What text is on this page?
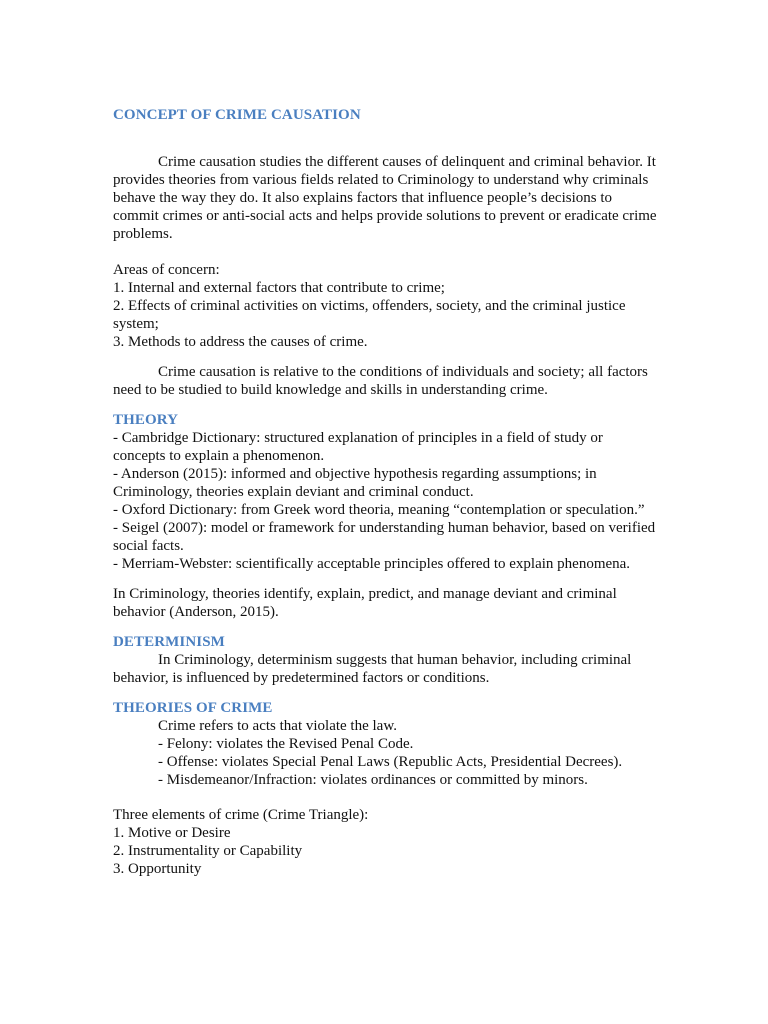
CONCEPT OF CRIME CAUSATION

Crime causation studies the different causes of delinquent and criminal behavior. It provides theories from various fields related to Criminology to understand why criminals behave the way they do. It also explains factors that influence people’s decisions to commit crimes or anti-social acts and helps provide solutions to prevent or eradicate crime problems.

Areas of concern:
1. Internal and external factors that contribute to crime;
2. Effects of criminal activities on victims, offenders, society, and the criminal justice system;
3. Methods to address the causes of crime.

Crime causation is relative to the conditions of individuals and society; all factors need to be studied to build knowledge and skills in understanding crime.

THEORY
- Cambridge Dictionary: structured explanation of principles in a field of study or concepts to explain a phenomenon.
- Anderson (2015): informed and objective hypothesis regarding assumptions; in Criminology, theories explain deviant and criminal conduct.
- Oxford Dictionary: from Greek word theoria, meaning “contemplation or speculation.”
- Seigel (2007): model or framework for understanding human behavior, based on verified social facts.
- Merriam-Webster: scientifically acceptable principles offered to explain phenomena.

In Criminology, theories identify, explain, predict, and manage deviant and criminal behavior (Anderson, 2015).

DETERMINISM

In Criminology, determinism suggests that human behavior, including criminal behavior, is influenced by predetermined factors or conditions.

THEORIES OF CRIME
Crime refers to acts that violate the law.
- Felony: violates the Revised Penal Code.
- Offense: violates Special Penal Laws (Republic Acts, Presidential Decrees).
- Misdemeanor/Infraction: violates ordinances or committed by minors.
Three elements of crime (Crime Triangle):
1. Motive or Desire
2. Instrumentality or Capability
3. Opportunity
